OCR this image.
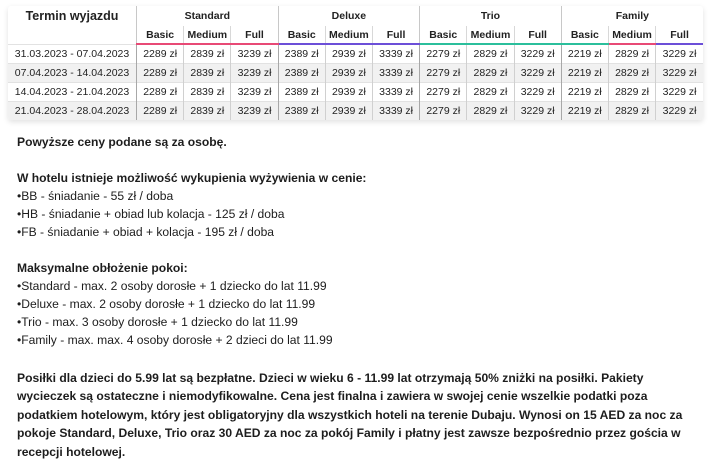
Termin wyjazdu	Standard			Deluxe			Trio			Family		
	Basic	Medium	Full	Basic	Medium	Full	Basic	Medium	Full	Basic	Medium	Full
31.03.2023 - 07.04.2023	2289 zł	2839 zł	3239 zł	2389 zł	2939 zł	3339 zł	2279 zł	2829 zł	3229 zł	2219 zł	2829 zł	3229 zł
07.04.2023 - 14.04.2023	2289 zł	2839 zł	3239 zł	2389 zł	2939 zł	3339 zł	2279 zł	2829 zł	3229 zł	2219 zł	2829 zł	3229 zł
14.04.2023 - 21.04.2023	2289 zł	2839 zł	3239 zł	2389 zł	2939 zł	3339 zł	2279 zł	2829 zł	3229 zł	2219 zł	2829 zł	3229 zł
21.04.2023 - 28.04.2023	2289 zł	2839 zł	3239 zł	2389 zł	2939 zł	3339 zł	2279 zł	2829 zł	3229 zł	2219 zł	2829 zł	3229 zł

Powyższe ceny podane są za osobę.

W hotelu istnieje możliwość wykupienia wyżywienia w cenie:

• BB - śniadanie - 55 zł / doba
• HB - śniadanie + obiad lub kolacja - 125 zł / doba
• FB - śniadanie + obiad + kolacja - 195 zł / doba

Maksymalne obłożenie pokoi:

• Standard - max. 2 osoby dorosłe + 1 dziecko do lat 11.99
• Deluxe - max. 2 osoby dorosłe + 1 dziecko do lat 11.99
• Trio - max. 3 osoby dorosłe + 1 dziecko do lat 11.99
• Family - max. max. 4 osoby dorosłe + 2 dzieci do lat 11.99

Posiłki dla dzieci do 5.99 lat są bezpłatne. Dzieci w wieku 6 - 11.99 lat otrzymają 50% zniżki na posiłki. Pakiety wycieczek są ostateczne i niemodyfikowalne. Cena jest finalna i zawiera w swojej cenie wszelkie podatki poza podatkiem hotelowym, który jest obligatoryjny dla wszystkich hoteli na terenie Dubaju. Wynosi on 15 AED za noc za pokoje Standard, Deluxe, Trio oraz 30 AED za noc za pokój Family i płatny jest zawsze bezpośrednio przez gościa w recepcji hotelowej.
